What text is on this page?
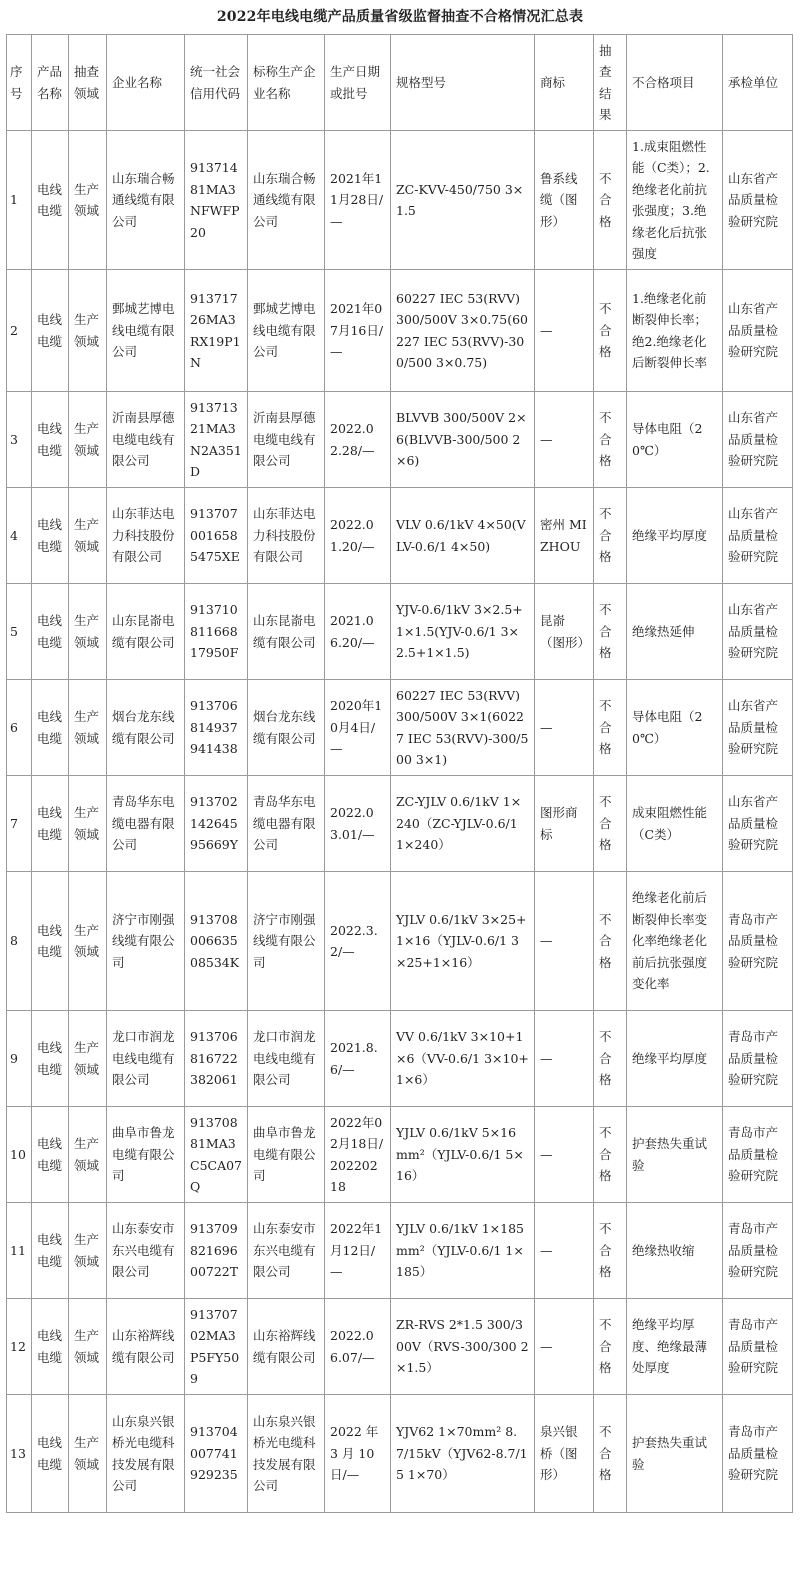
2022年电线电缆产品质量省级监督抽查不合格情况汇总表
序号	产品名称	抽查领域	企业名称	统一社会信用代码	标称生产企业名称	生产日期或批号	规格型号	商标	抽查结果	不合格项目	承检单位
1	电线电缆	生产领域	山东瑞合畅通线缆有限公司	91371481MA3NFWFP20	山东瑞合畅通线缆有限公司	2021年11月28日/—	ZC-KVV-450/750 3×1.5	鲁系线缆（图形）	不合格	1.成束阻燃性能（C类）；2.绝缘老化前抗张强度；3.绝缘老化后抗张强度	山东省产品质量检验研究院
2	电线电缆	生产领域	鄄城艺博电线电缆有限公司	91371726MA3RX19P1N	鄄城艺博电线电缆有限公司	2021年07月16日/—	60227 IEC 53(RVV) 300/500V 3×0.75(60227 IEC 53(RVV)-300/500 3×0.75)	—	不合格	1.绝缘老化前断裂伸长率；绝2.绝缘老化后断裂伸长率	山东省产品质量检验研究院
3	电线电缆	生产领域	沂南县厚德电缆电线有限公司	91371321MA3N2A351D	沂南县厚德电缆电线有限公司	2022.02.28/—	BLVVB 300/500V 2×6(BLVVB-300/500 2×6)	—	不合格	导体电阻（20℃）	山东省产品质量检验研究院
4	电线电缆	生产领域	山东菲达电力科技股份有限公司	9137070016585475XE	山东菲达电力科技股份有限公司	2022.01.20/—	VLV 0.6/1kV 4×50(VLV-0.6/1 4×50)	密州 MIZHOU	不合格	绝缘平均厚度	山东省产品质量检验研究院
5	电线电缆	生产领域	山东昆嵛电缆有限公司	91371081166817950F	山东昆嵛电缆有限公司	2021.06.20/—	YJV-0.6/1kV 3×2.5+1×1.5(YJV-0.6/1 3×2.5+1×1.5)	昆嵛（图形）	不合格	绝缘热延伸	山东省产品质量检验研究院
6	电线电缆	生产领域	烟台龙东线缆有限公司	913706814937941438	烟台龙东线缆有限公司	2020年10月4日/—	60227 IEC 53(RVV) 300/500V 3×1(60227 IEC 53(RVV)-300/500 3×1)	—	不合格	导体电阻（20℃）	山东省产品质量检验研究院
7	电线电缆	生产领域	青岛华东电缆电器有限公司	91370214264595669Y	青岛华东电缆电器有限公司	2022.03.01/—	ZC-YJLV 0.6/1kV 1×240（ZC-YJLV-0.6/1 1×240）	图形商标	不合格	成束阻燃性能（C类）	山东省产品质量检验研究院
8	电线电缆	生产领域	济宁市刚强线缆有限公司	91370800663508534K	济宁市刚强线缆有限公司	2022.3.2/—	YJLV 0.6/1kV 3×25+1×16（YJLV-0.6/1 3×25+1×16）	—	不合格	绝缘老化前后断裂伸长率变化率绝缘老化前后抗张强度变化率	青岛市产品质量检验研究院
9	电线电缆	生产领域	龙口市润龙电线电缆有限公司	913706816722382061	龙口市润龙电线电缆有限公司	2021.8.6/—	VV 0.6/1kV 3×10+1×6（VV-0.6/1 3×10+1×6）	—	不合格	绝缘平均厚度	青岛市产品质量检验研究院
10	电线电缆	生产领域	曲阜市鲁龙电缆有限公司	91370881MA3C5CA07Q	曲阜市鲁龙电缆有限公司	2022年02月18日/20220218	YJLV 0.6/1kV 5×16 mm²（YJLV-0.6/1 5×16）	—	不合格	护套热失重试验	青岛市产品质量检验研究院
11	电线电缆	生产领域	山东泰安市东兴电缆有限公司	91370982169600722T	山东泰安市东兴电缆有限公司	2022年1月12日/—	YJLV 0.6/1kV 1×185mm²（YJLV-0.6/1 1×185）	—	不合格	绝缘热收缩	青岛市产品质量检验研究院
12	电线电缆	生产领域	山东裕辉线缆有限公司	91370702MA3P5FY509	山东裕辉线缆有限公司	2022.06.07/—	ZR-RVS 2*1.5 300/300V（RVS-300/300 2×1.5）	—	不合格	绝缘平均厚度、绝缘最薄处厚度	青岛市产品质量检验研究院
13	电线电缆	生产领域	山东泉兴银桥光电缆科技发展有限公司	913704007741929235	山东泉兴银桥光电缆科技发展有限公司	2022 年 3 月 10 日/—	YJV62 1×70mm² 8.7/15kV（YJV62-8.7/15 1×70）	泉兴银桥（图形）	不合格	护套热失重试验	青岛市产品质量检验研究院
